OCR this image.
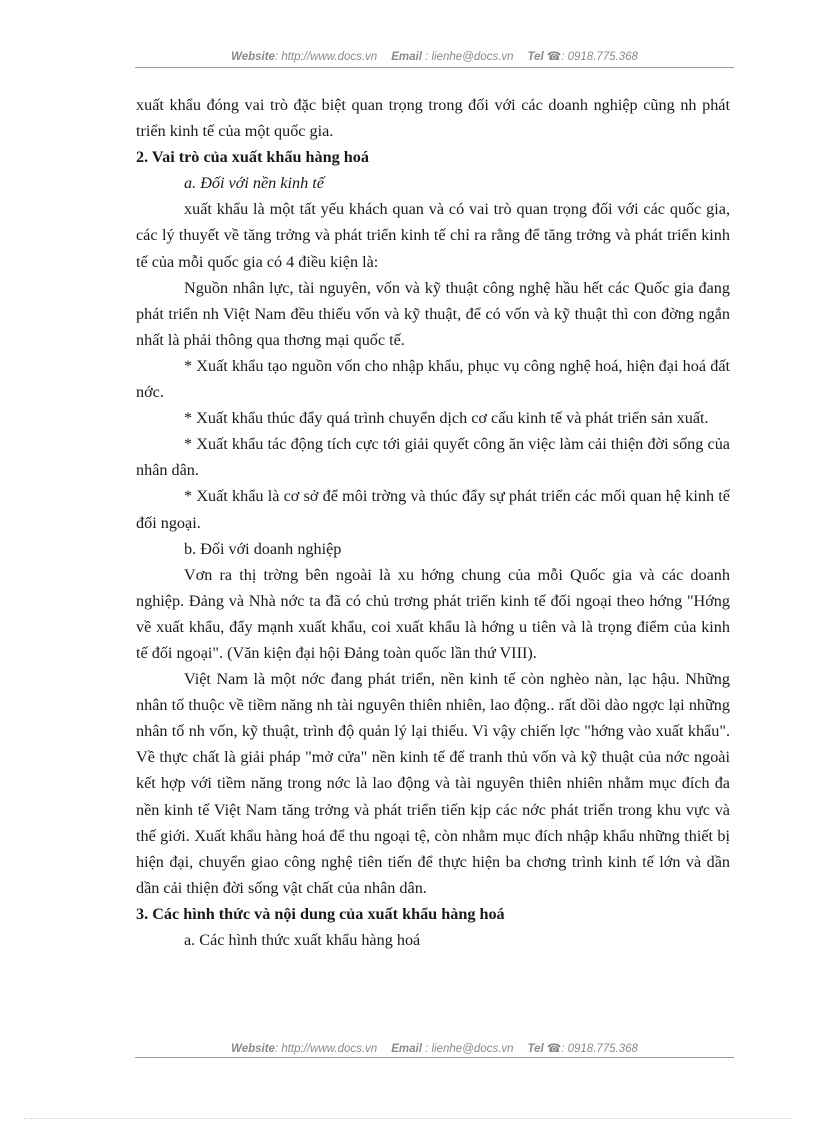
Website: http://www.docs.vn Email : lienhe@docs.vn Tel ☎: 0918.775.368

xuất khẩu đóng vai trò đặc biệt quan trọng trong đối với các doanh nghiệp cũng nh phát triển kinh tế của một quốc gia.

2. Vai trò của xuất khẩu hàng hoá

a. Đối với nền kinh tế

xuất khẩu là một tất yếu khách quan và có vai trò quan trọng đối với các quốc gia, các lý thuyết về tăng trởng và phát triển kinh tế chỉ ra rằng để tăng trởng và phát triển kinh tế của mỗi quốc gia có 4 điều kiện là:

Nguồn nhân lực, tài nguyên, vốn và kỹ thuật công nghệ hầu hết các Quốc gia đang phát triển nh Việt Nam đều thiếu vốn và kỹ thuật, để có vốn và kỹ thuật thì con đờng ngắn nhất là phải thông qua thơng mại quốc tế.

* Xuất khẩu tạo nguồn vốn cho nhập khẩu, phục vụ công nghệ hoá, hiện đại hoá đất nớc.

* Xuất khẩu thúc đẩy quá trình chuyển dịch cơ cấu kinh tế và phát triển sản xuất.

* Xuất khẩu tác động tích cực tới giải quyết công ăn việc làm cải thiện đời sống của nhân dân.

* Xuất khẩu là cơ sở để môi trờng và thúc đẩy sự phát triển các mối quan hệ kinh tế đối ngoại.

b. Đối với doanh nghiệp

Vơn ra thị trờng bên ngoài là xu hớng chung của mỗi Quốc gia và các doanh nghiệp. Đảng và Nhà nớc ta đã có chủ trơng phát triển kinh tế đối ngoại theo hớng "Hớng về xuất khẩu, đẩy mạnh xuất khẩu, coi xuất khẩu là hớng u tiên và là trọng điểm của kinh tế đối ngoại". (Văn kiện đại hội Đảng toàn quốc lần thứ VIII).

Việt Nam là một nớc đang phát triển, nền kinh tế còn nghèo nàn, lạc hậu. Những nhân tố thuộc về tiềm năng nh tài nguyên thiên nhiên, lao động.. rất dồi dào ngợc lại những nhân tố nh vốn, kỹ thuật, trình độ quản lý lại thiếu. Vì vậy chiến lợc "hớng vào xuất khẩu". Về thực chất là giải pháp "mở cửa" nền kinh tế để tranh thủ vốn và kỹ thuật của nớc ngoài kết hợp với tiềm năng trong nớc là lao động và tài nguyên thiên nhiên nhằm mục đích đa nền kinh tế Việt Nam tăng trởng và phát triển tiến kịp các nớc phát triển trong khu vực và thế giới. Xuất khẩu hàng hoá để thu ngoại tệ, còn nhằm mục đích nhập khẩu những thiết bị hiện đại, chuyển giao công nghệ tiên tiến để thực hiện ba chơng trình kinh tế lớn và dần dần cải thiện đời sống vật chất của nhân dân.

3. Các hình thức và nội dung của xuất khẩu hàng hoá

a. Các hình thức xuất khẩu hàng hoá

Website: http://www.docs.vn Email : lienhe@docs.vn Tel ☎: 0918.775.368
